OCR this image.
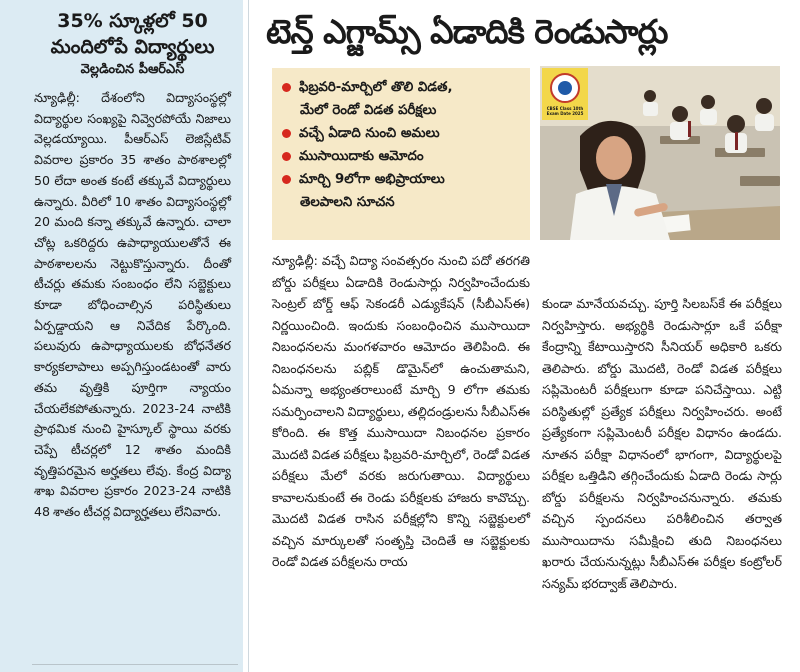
35% స్కూళ్లలో 50

మందిలోపే విద్యార్థులు

వెల్లడించిన పీఆర్ఎస్

న్యూఢిల్లీ: దేశంలోని విద్యాసంస్థల్లో విద్యార్థుల సంఖ్యపై నివ్వెరపోయే నిజాలు వెల్లడయ్యాయి. పీఆర్ఎస్ లెజిస్లేటివ్ వివరాల ప్రకారం 35 శాతం పాఠశాలల్లో 50 లేదా అంత కంటే తక్కువే విద్యార్థులు ఉన్నారు. వీరిలో 10 శాతం విద్యాసంస్థల్లో 20 మంది కన్నా తక్కువే ఉన్నారు. చాలా చోట్ల ఒకరిద్దరు ఉపాధ్యాయులతోనే ఈ పాఠశాలలను నెట్టుకొస్తున్నారు. దీంతో టీచర్లు తమకు సంబంధం లేని సబ్జెక్టులు కూడా బోధించాల్సిన పరిస్థితులు ఏర్పడ్డాయని ఆ నివేదిక పేర్కొంది. పలువురు ఉపాధ్యాయులకు బోధనేతర కార్యకలాపాలు అప్పగిస్తుండటంతో వారు తమ వృత్తికి పూర్తిగా న్యాయం చేయలేకపోతున్నారు. 2023-24 నాటికి ప్రాథమిక నుంచి హైస్కూల్ స్థాయి వరకు చెప్పే టీచర్లలో 12 శాతం మందికి వృత్తిపరమైన అర్హతలు లేవు. కేంద్ర విద్యా శాఖ వివరాల ప్రకారం 2023-24 నాటికి 48 శాతం టీచర్ల విద్యార్హతలు లేనివారు.

టెన్త్ ఎగ్జామ్స్ ఏడాదికి రెండుసార్లు
ఫిబ్రవరి-మార్చిలో తొలి విడత,
మేలో రెండో విడత పరీక్షలు
వచ్చే ఏడాది నుంచి అమలు
ముసాయిదాకు ఆమోదం
మార్చి 9లోగా అభిప్రాయాలు
తెలపాలని సూచన
CBSE Class 10th Exam Date 2025

న్యూఢిల్లీ: వచ్చే విద్యా సంవత్సరం నుంచి పదో తరగతి బోర్డు పరీక్షలు ఏడాదికి రెండుసార్లు నిర్వహించేందుకు సెంట్రల్ బోర్డ్ ఆఫ్ సెకండరీ ఎడ్యుకేషన్ (సీబీఎస్ఈ) నిర్ణయించింది. ఇందుకు సంబంధించిన ముసాయిదా నిబంధనలను మంగళవారం ఆమోదం తెలిపింది. ఈ నిబంధనలను పబ్లిక్ డొమైన్‌లో ఉంచుతామని, ఏమన్నా అభ్యంతరాలుంటే మార్చి 9 లోగా తమకు సమర్పించాలని విద్యార్థులు, తల్లిదండ్రులను సీబీఎస్ఈ కోరింది. ఈ కొత్త ముసాయిదా నిబంధనల ప్రకారం మొదటి విడత పరీక్షలు ఫిబ్రవరి-మార్చిలో, రెండో విడత పరీక్షలు మేలో వరకు జరుగుతాయి. విద్యార్థులు కావాలనుకుంటే ఈ రెండు పరీక్షలకు హాజరు కావొచ్చు. మొదటి విడత రాసిన పరీక్షల్లోని కొన్ని సబ్జెక్టులలో వచ్చిన మార్కులతో సంతృప్తి చెందితే ఆ సబ్జెక్టులకు రెండో విడత పరీక్షలను రాయ

కుండా మానేయవచ్చు. పూర్తి సిలబస్‌కే ఈ పరీక్షలు నిర్వహిస్తారు. అభ్యర్థికి రెండుసార్లూ ఒకే పరీక్షా కేంద్రాన్ని కేటాయిస్తారని సీనియర్ అధికారి ఒకరు తెలిపారు. బోర్డు మొదటి, రెండో విడత పరీక్షలు సప్లిమెంటరీ పరీక్షలుగా కూడా పనిచేస్తాయి. ఎట్టి పరిస్థితుల్లో ప్రత్యేక పరీక్షలు నిర్వహించరు. అంటే ప్రత్యేకంగా సప్లిమెంటరీ పరీక్షల విధానం ఉండదు. నూతన పరీక్షా విధానంలో భాగంగా, విద్యార్థులపై పరీక్షల ఒత్తిడిని తగ్గించేందుకు ఏడాది రెండు సార్లు బోర్డు పరీక్షలను నిర్వహించనున్నారు. తమకు వచ్చిన స్పందనలు పరిశీలించిన తర్వాత ముసాయిదాను సమీక్షించి తుది నిబంధనలు ఖరారు చేయనున్నట్లు సీబీఎస్ఈ పరీక్షల కంట్రోలర్ సన్యమ్ భరద్వాజ్ తెలిపారు.
